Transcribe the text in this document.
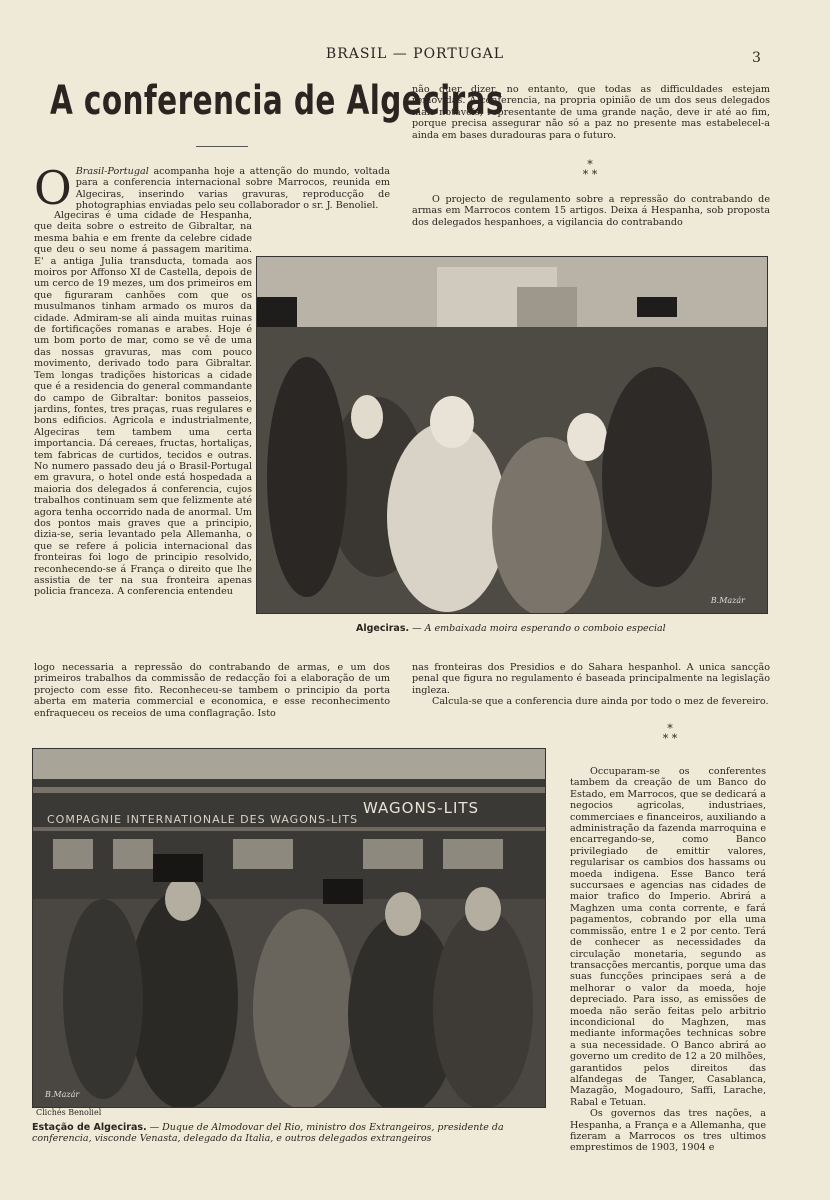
BRASIL — PORTUGAL	3
A conferencia de Algeciras
O Brasil-Portugal acompanha hoje a attenção do mundo, voltada para a conferencia internacional sobre Marrocos, reunida em Algeciras, inserindo varias gravuras, reproducção de photographias enviadas pelo seu collaborador o sr. J. Benoliel.

Algeciras é uma cidade de Hespanha, que deita sobre o estreito de Gibraltar, na mesma bahia e em frente da celebre cidade que deu o seu nome á passagem maritima. E' a antiga Julia transducta, tomada aos moiros por Affonso XI de Castella, depois de um cerco de 19 mezes, um dos primeiros em que figuraram canhões com que os musulmanos tinham armado os muros da cidade. Admiram-se ali ainda muitas ruinas de fortificações romanas e arabes. Hoje é um bom porto de mar, como se vê de uma das nossas gravuras, mas com pouco movimento, derivado todo para Gibraltar. Tem longas tradições historicas a cidade que é a residencia do general commandante do campo de Gibraltar: bonitos passeios, jardins, fontes, tres praças, ruas regulares e bons edificios. Agricola e industrialmente, Algeciras tem tambem uma certa importancia. Dá cereaes, fructas, hortaliças, tem fabricas de curtidos, tecidos e outras. No numero passado deu já o Brasil-Portugal em gravura, o hotel onde está hospedada a maioria dos delegados á conferencia, cujos trabalhos continuam sem que felizmente até agora tenha occorrido nada de anormal. Um dos pontos mais graves que a principio, dizia-se, seria levantado pela Allemanha, o que se refere á policia internacional das fronteiras foi logo de principio resolvido, reconhecendo-se á França o direito que lhe assistia de ter na sua fronteira apenas policia franceza. A conferencia entendeu

logo necessaria a repressão do contrabando de armas, e um dos primeiros trabalhos da commissão de redacção foi a elaboração de um projecto com esse fito. Reconheceu-se tambem o principio da porta aberta em materia commercial e economica, e esse reconhecimento enfraqueceu os receios de uma conflagração. Isto

não quer dizer, no entanto, que todas as difficuldades estejam removidas. A conferencia, na propria opinião de um dos seus delegados mais notaveis, representante de uma grande nação, deve ir até ao fim, porque precisa assegurar não só a paz no presente mas estabelecel-a ainda em bases duradouras para o futuro.

*
* *

O projecto de regulamento sobre a repressão do contrabando de armas em Marrocos contem 15 artigos. Deixa á Hespanha, sob proposta dos delegados hespanhoes, a vigilancia do contrabando

B.Mazár
Algeciras. — A embaixada moira esperando o comboio especial

nas fronteiras dos Presidios e do Sahara hespanhol. A unica sancção penal que figura no regulamento é baseada principalmente na legislação ingleza.

Calcula-se que a conferencia dure ainda por todo o mez de fevereiro.

*
* *
WAGONS-LITS
COMPAGNIE INTERNATIONALE DES WAGONS-LITS
B.Mazár
Clichés Benoliel
Estação de Algeciras. — Duque de Almodovar del Rio, ministro dos Extrangeiros, presidente da conferencia, visconde Venasta, delegado da Italia, e outros delegados extrangeiros

Occuparam-se os conferentes tambem da creação de um Banco do Estado, em Marrocos, que se dedicará a negocios agricolas, industriaes, commerciaes e financeiros, auxiliando a administração da fazenda marroquina e encarregando-se, como Banco privilegiado de emittir valores, regularisar os cambios dos hassams ou moeda indigena. Esse Banco terá succursaes e agencias nas cidades de maior trafico do Imperio. Abrirá a Maghzen uma conta corrente, e fará pagamentos, cobrando por ella uma commissão, entre 1 e 2 por cento. Terá de conhecer as necessidades da circulação monetaria, segundo as transacções mercantis, porque uma das suas funcções principaes será a de melhorar o valor da moeda, hoje depreciado. Para isso, as emissões de moeda não serão feitas pelo arbitrio incondicional do Maghzen, mas mediante informações technicas sobre a sua necessidade. O Banco abrirá ao governo um credito de 12 a 20 milhões, garantidos pelos direitos das alfandegas de Tanger, Casablanca, Mazagão, Mogadouro, Saffi, Larache, Rabal e Tetuan.

Os governos das tres nações, a Hespanha, a França e a Allemanha, que fizeram a Marrocos os tres ultimos emprestimos de 1903, 1904 e
